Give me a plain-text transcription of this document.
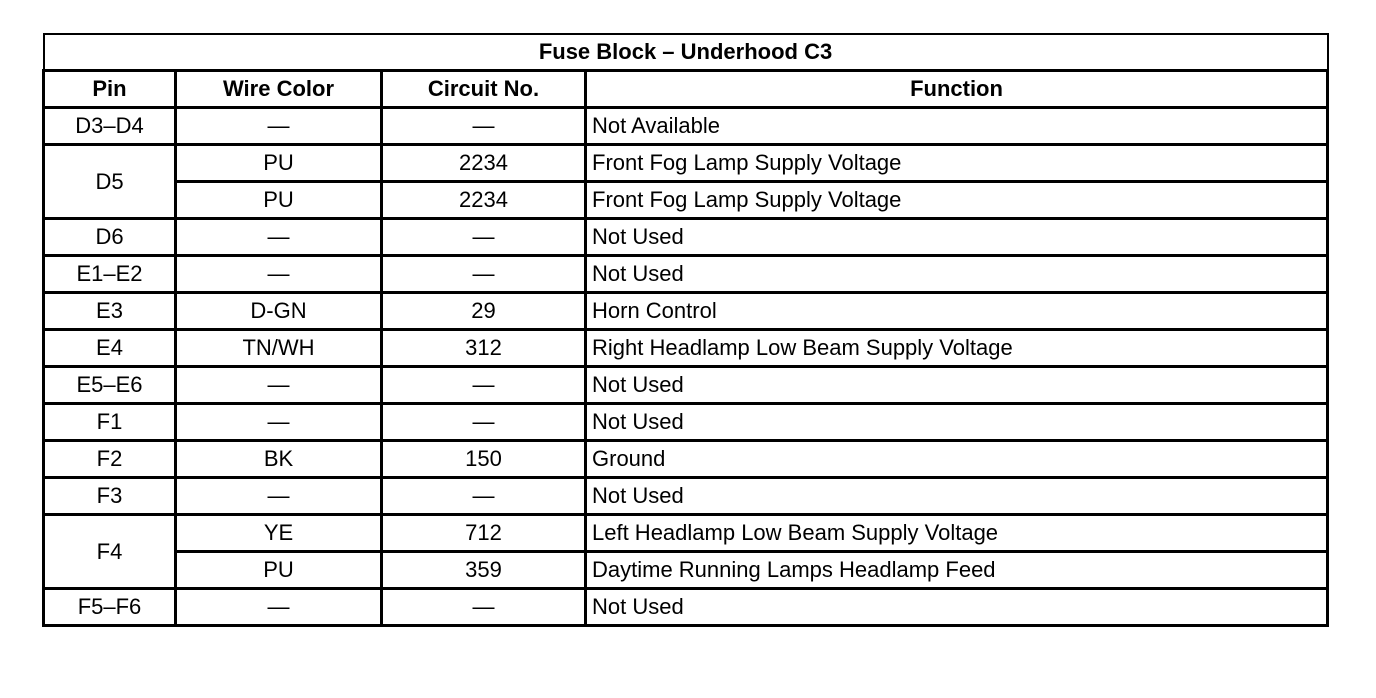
Fuse Block – Underhood C3			
Pin	Wire Color	Circuit No.	Function
D3–D4	—	—	Not Available
D5	PU	2234	Front Fog Lamp Supply Voltage
	PU	2234	Front Fog Lamp Supply Voltage
D6	—	—	Not Used
E1–E2	—	—	Not Used
E3	D-GN	29	Horn Control
E4	TN/WH	312	Right Headlamp Low Beam Supply Voltage
E5–E6	—	—	Not Used
F1	—	—	Not Used
F2	BK	150	Ground
F3	—	—	Not Used
F4	YE	712	Left Headlamp Low Beam Supply Voltage
	PU	359	Daytime Running Lamps Headlamp Feed
F5–F6	—	—	Not Used
